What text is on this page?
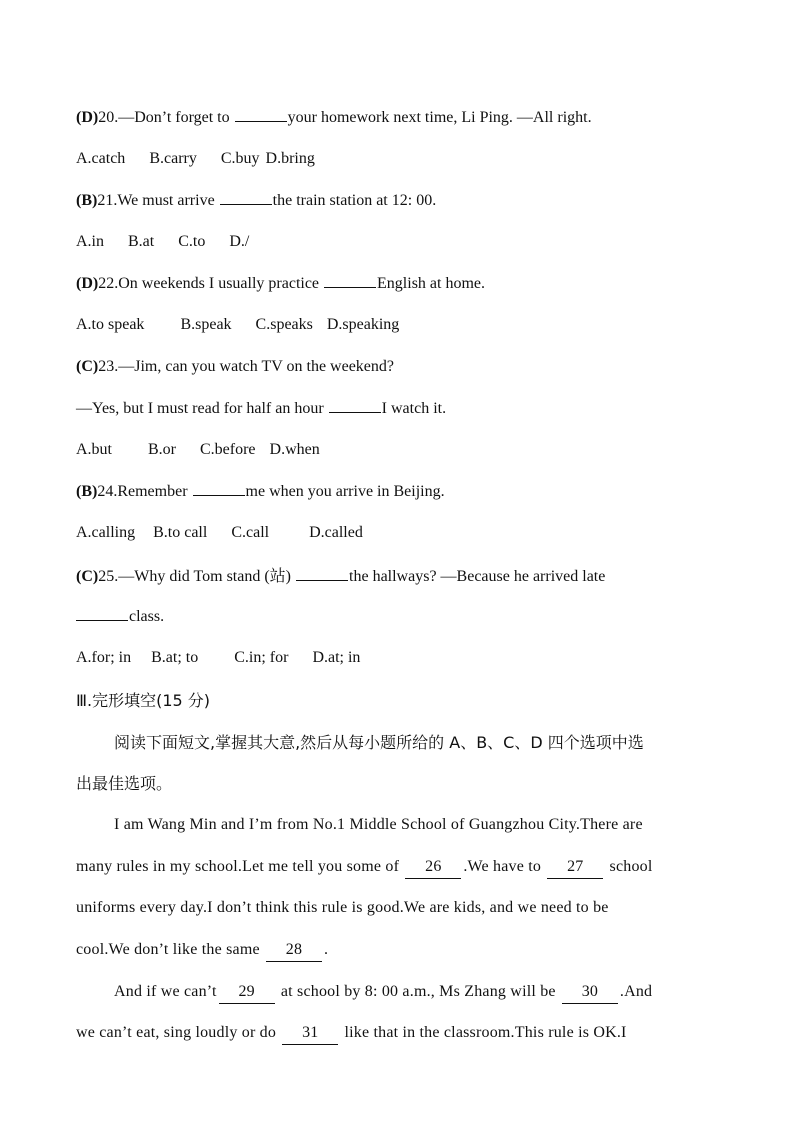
(D)20.—Don’t forget to	your homework next time, Li Ping. —All right.
A.catch B.carry C.buy D.bring
(B)21.We must arrive	the train station at 12: 00.
A.in B.at C.to D./
(D)22.On weekends I usually practice	English at home.
A.to speak B.speak C.speaks D.speaking
(C)23.—Jim, can you watch TV on the weekend?
—Yes, but I must read for half an hour	I watch it.
A.but B.or C.before D.when
(B)24.Remember	me when you arrive in Beijing.
A.calling B.to call C.call	D.called
(C)25.—Why did Tom stand (站)	the hallways? —Because he arrived late
class.
A.for; in B.at; to C.in; for D.at; in
Ⅲ.完形填空(15 分)
阅读下面短文,掌握其大意,然后从每小题所给的 A、B、C、D 四个选项中选
出最佳选项。
I am Wang Min and I’m from No.1 Middle School of Guangzhou City.There are
many rules in my school.Let me tell you some of 26 .We have to 27 school
uniforms every day.I don’t think this rule is good.We are kids, and we need to be
cool.We don’t like the same 28 .
And if we can’t 29 at school by 8: 00 a.m., Ms Zhang will be 30 .And
we can’t eat, sing loudly or do 31 like that in the classroom.This rule is OK.I
